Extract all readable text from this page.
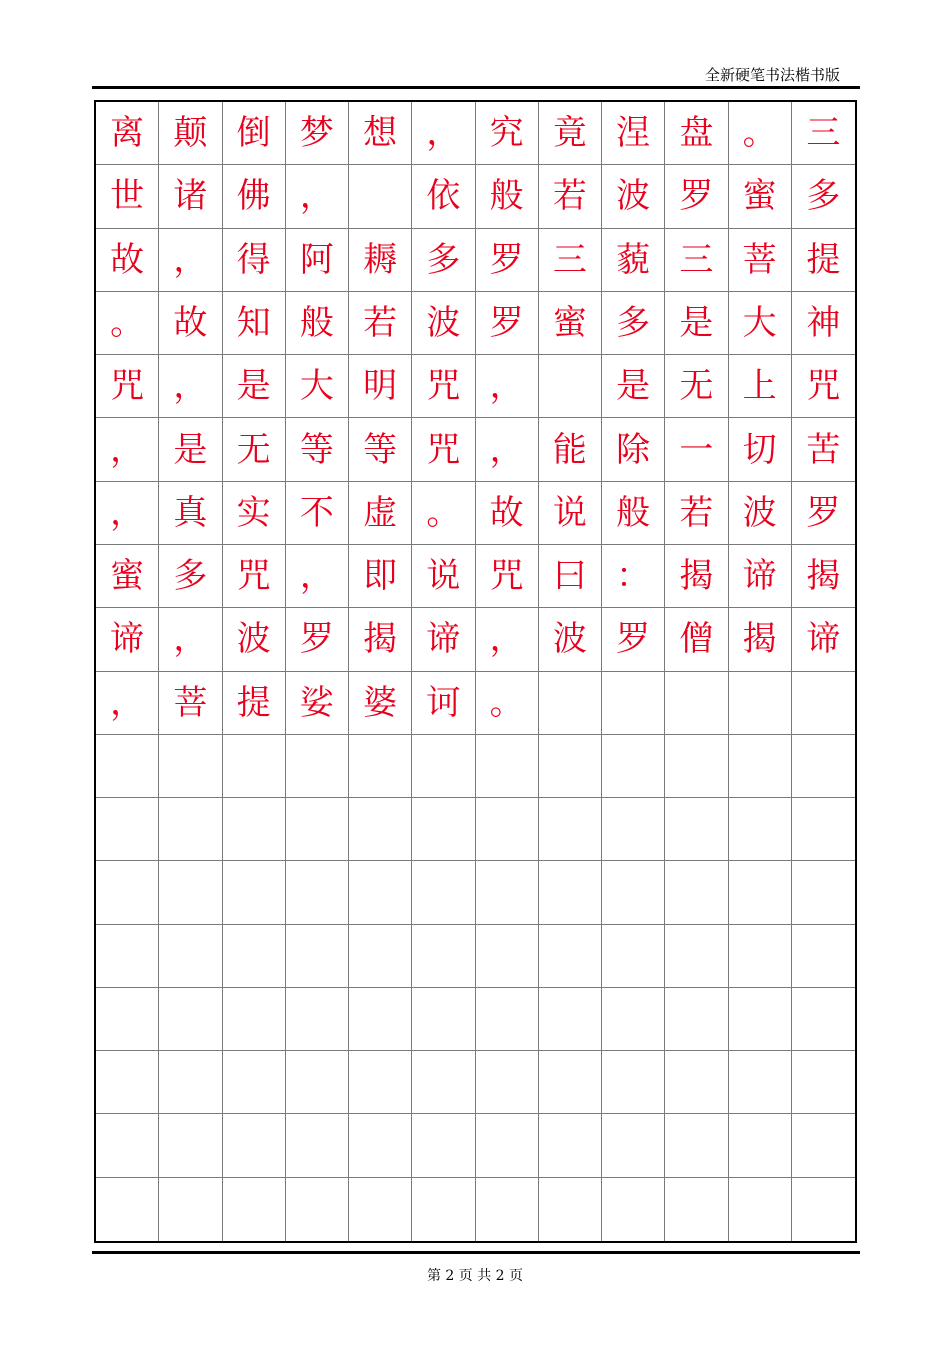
全新硬笔书法楷书版
离 颠 倒 梦 想 ， 究 竟 涅 盘 。 三
世 诸 佛 ，	依 般 若 波 罗 蜜 多
故 ， 得 阿 耨 多 罗 三 藐 三 菩 提
。 故 知 般 若 波 罗 蜜 多 是 大 神
咒 ， 是 大 明 咒 ，	是 无 上 咒
， 是 无 等 等 咒 ， 能 除 一 切 苦
， 真 实 不 虚 。 故 说 般 若 波 罗
蜜 多 咒 ， 即 说 咒 曰 ： 揭 谛 揭
谛 ， 波 罗 揭 谛 ， 波 罗 僧 揭 谛
， 菩 提 娑 婆 诃 。
第 2 页 共 2 页
